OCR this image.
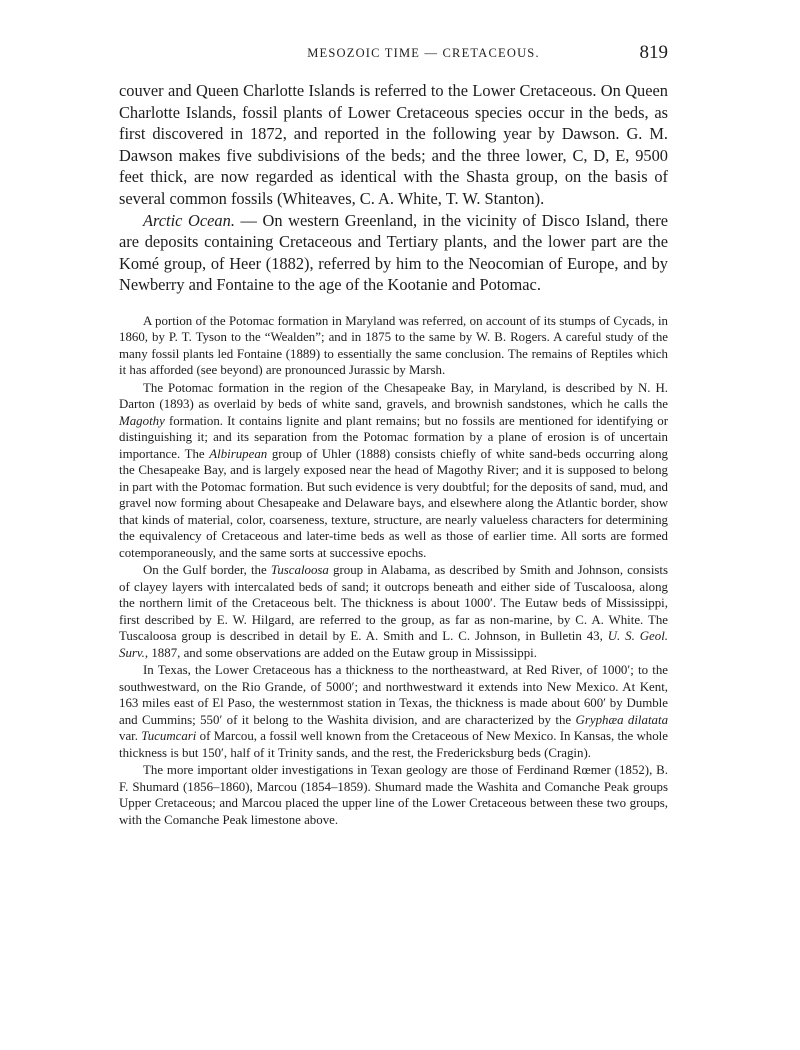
MESOZOIC TIME — CRETACEOUS.	819

couver and Queen Charlotte Islands is referred to the Lower Cretaceous. On Queen Charlotte Islands, fossil plants of Lower Cretaceous species occur in the beds, as first discovered in 1872, and reported in the following year by Dawson. G. M. Dawson makes five subdivisions of the beds; and the three lower, C, D, E, 9500 feet thick, are now regarded as identical with the Shasta group, on the basis of several common fossils (Whiteaves, C. A. White, T. W. Stanton).

Arctic Ocean. — On western Greenland, in the vicinity of Disco Island, there are deposits containing Cretaceous and Tertiary plants, and the lower part are the Komé group, of Heer (1882), referred by him to the Neocomian of Europe, and by Newberry and Fontaine to the age of the Kootanie and Potomac.

A portion of the Potomac formation in Maryland was referred, on account of its stumps of Cycads, in 1860, by P. T. Tyson to the “Wealden”; and in 1875 to the same by W. B. Rogers. A careful study of the many fossil plants led Fontaine (1889) to essentially the same conclusion. The remains of Reptiles which it has afforded (see beyond) are pronounced Jurassic by Marsh.

The Potomac formation in the region of the Chesapeake Bay, in Maryland, is described by N. H. Darton (1893) as overlaid by beds of white sand, gravels, and brownish sandstones, which he calls the Magothy formation. It contains lignite and plant remains; but no fossils are mentioned for identifying or distinguishing it; and its separation from the Potomac formation by a plane of erosion is of uncertain importance. The Albirupean group of Uhler (1888) consists chiefly of white sand-beds occurring along the Chesapeake Bay, and is largely exposed near the head of Magothy River; and it is supposed to belong in part with the Potomac formation. But such evidence is very doubtful; for the deposits of sand, mud, and gravel now forming about Chesapeake and Delaware bays, and elsewhere along the Atlantic border, show that kinds of material, color, coarseness, texture, structure, are nearly valueless characters for determining the equivalency of Cretaceous and later-time beds as well as those of earlier time. All sorts are formed cotemporaneously, and the same sorts at successive epochs.

On the Gulf border, the Tuscaloosa group in Alabama, as described by Smith and Johnson, consists of clayey layers with intercalated beds of sand; it outcrops beneath and either side of Tuscaloosa, along the northern limit of the Cretaceous belt. The thickness is about 1000′. The Eutaw beds of Mississippi, first described by E. W. Hilgard, are referred to the group, as far as non-marine, by C. A. White. The Tuscaloosa group is described in detail by E. A. Smith and L. C. Johnson, in Bulletin 43, U. S. Geol. Surv., 1887, and some observations are added on the Eutaw group in Mississippi.

In Texas, the Lower Cretaceous has a thickness to the northeastward, at Red River, of 1000′; to the southwestward, on the Rio Grande, of 5000′; and northwestward it extends into New Mexico. At Kent, 163 miles east of El Paso, the westernmost station in Texas, the thickness is made about 600′ by Dumble and Cummins; 550′ of it belong to the Washita division, and are characterized by the Gryphæa dilatata var. Tucumcari of Marcou, a fossil well known from the Cretaceous of New Mexico. In Kansas, the whole thickness is but 150′, half of it Trinity sands, and the rest, the Fredericksburg beds (Cragin).

The more important older investigations in Texan geology are those of Ferdinand Rœmer (1852), B. F. Shumard (1856–1860), Marcou (1854–1859). Shumard made the Washita and Comanche Peak groups Upper Cretaceous; and Marcou placed the upper line of the Lower Cretaceous between these two groups, with the Comanche Peak limestone above.
